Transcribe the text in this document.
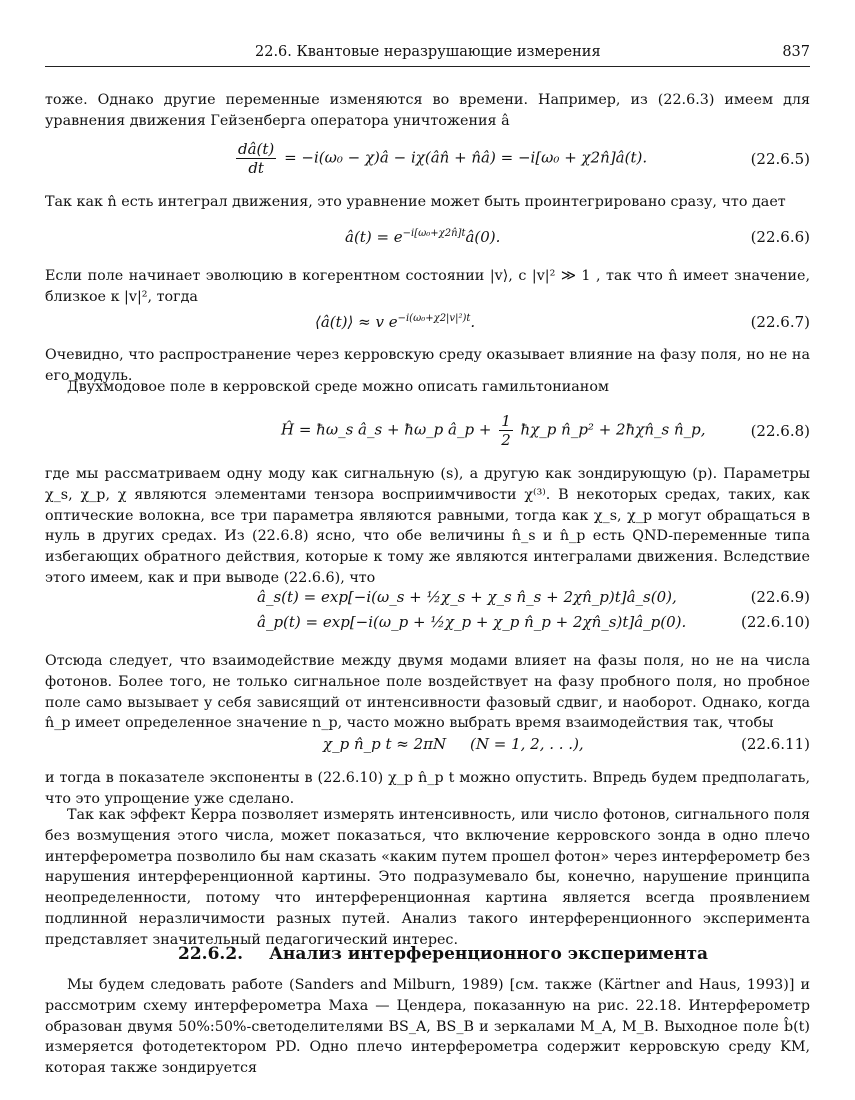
22.6. Квантовые неразрушающие измерения	837

тоже. Однако другие переменные изменяются во времени. Например, из (22.6.3) имеем для уравнения движения Гейзенберга оператора уничтожения â

$\frac{dâ(t)}{dt} = -i(\omega_0$ − χ)â − iχ(ân̂ + n̂â) = −i[ω₀ + χ2n̂]â(t).	(22.6.5)

Так как n̂ есть интеграл движения, это уравнение может быть проинтегрировано сразу, что дает

â(t) = $e^{-i[\omega_0+\chi 2n̂]t}â(0)$.	(22.6.6)

Если поле начинает эволюцию в когерентном состоянии |v⟩, с |v|² ≫ 1 , так что n̂ имеет значение, близкое к |v|², тогда

⟨â(t)⟩ ≈ v $e^{-i(\omega_0+\chi 2|v|^2)t}$.	(22.6.7)

Очевидно, что распространение через керровскую среду оказывает влияние на фазу поля, но не на его модуль.

Двухмодовое поле в керровской среде можно описать гамильтонианом

Ĥ = ħω_s â_s + ħω_p â_p + $\frac{1}{2}$ ħχ_p n̂_p² + 2ħχn̂_s n̂_p,	(22.6.8)

где мы рассматриваем одну моду как сигнальную (s), а другую как зондирующую (p). Параметры χ_s, χ_p, χ являются элементами тензора восприимчивости χ⁽³⁾. В некоторых средах, таких, как оптические волокна, все три параметра являются равными, тогда как χ_s, χ_p могут обращаться в нуль в других средах. Из (22.6.8) ясно, что обе величины n̂_s и n̂_p есть QND-переменные типа избегающих обратного действия, которые к тому же являются интегралами движения. Вследствие этого имеем, как и при выводе (22.6.6), что

â_s(t) = exp[−i(ω_s + ½χ_s + χ_s n̂_s + 2χn̂_p)t]â_s(0),	(22.6.9)
â_p(t) = exp[−i(ω_p + ½χ_p + χ_p n̂_p + 2χn̂_s)t]â_p(0).	(22.6.10)

Отсюда следует, что взаимодействие между двумя модами влияет на фазы поля, но не на числа фотонов. Более того, не только сигнальное поле воздействует на фазу пробного поля, но пробное поле само вызывает у себя зависящий от интенсивности фазовый сдвиг, и наоборот. Однако, когда n̂_p имеет определенное значение n_p, часто можно выбрать время взаимодействия так, чтобы

χ_p n̂_p t ≈ 2πN     (N = 1, 2, . . .),	(22.6.11)

и тогда в показателе экспоненты в (22.6.10) χ_p n̂_p t можно опустить. Впредь будем предполагать, что это упрощение уже сделано.

Так как эффект Керра позволяет измерять интенсивность, или число фотонов, сигнального поля без возмущения этого числа, может показаться, что включение керровского зонда в одно плечо интерферометра позволило бы нам сказать «каким путем прошел фотон» через интерферометр без нарушения интерференционной картины. Это подразумевало бы, конечно, нарушение принципа неопределенности, потому что интерференционная картина является всегда проявлением подлинной неразличимости разных путей. Анализ такого интерференционного эксперимента представляет значительный педагогический интерес.

22.6.2. Анализ интерференционного эксперимента

Мы будем следовать работе (Sanders and Milburn, 1989) [см. также (Kärtner and Haus, 1993)] и рассмотрим схему интерферометра Маха — Цендера, показанную на рис. 22.18. Интерферометр образован двумя 50%:50%-светоделителями BS_A, BS_B и зеркалами M_A, M_B. Выходное поле b̂(t) измеряется фотодетектором PD. Одно плечо интерферометра содержит керровскую среду KM, которая также зондируется
